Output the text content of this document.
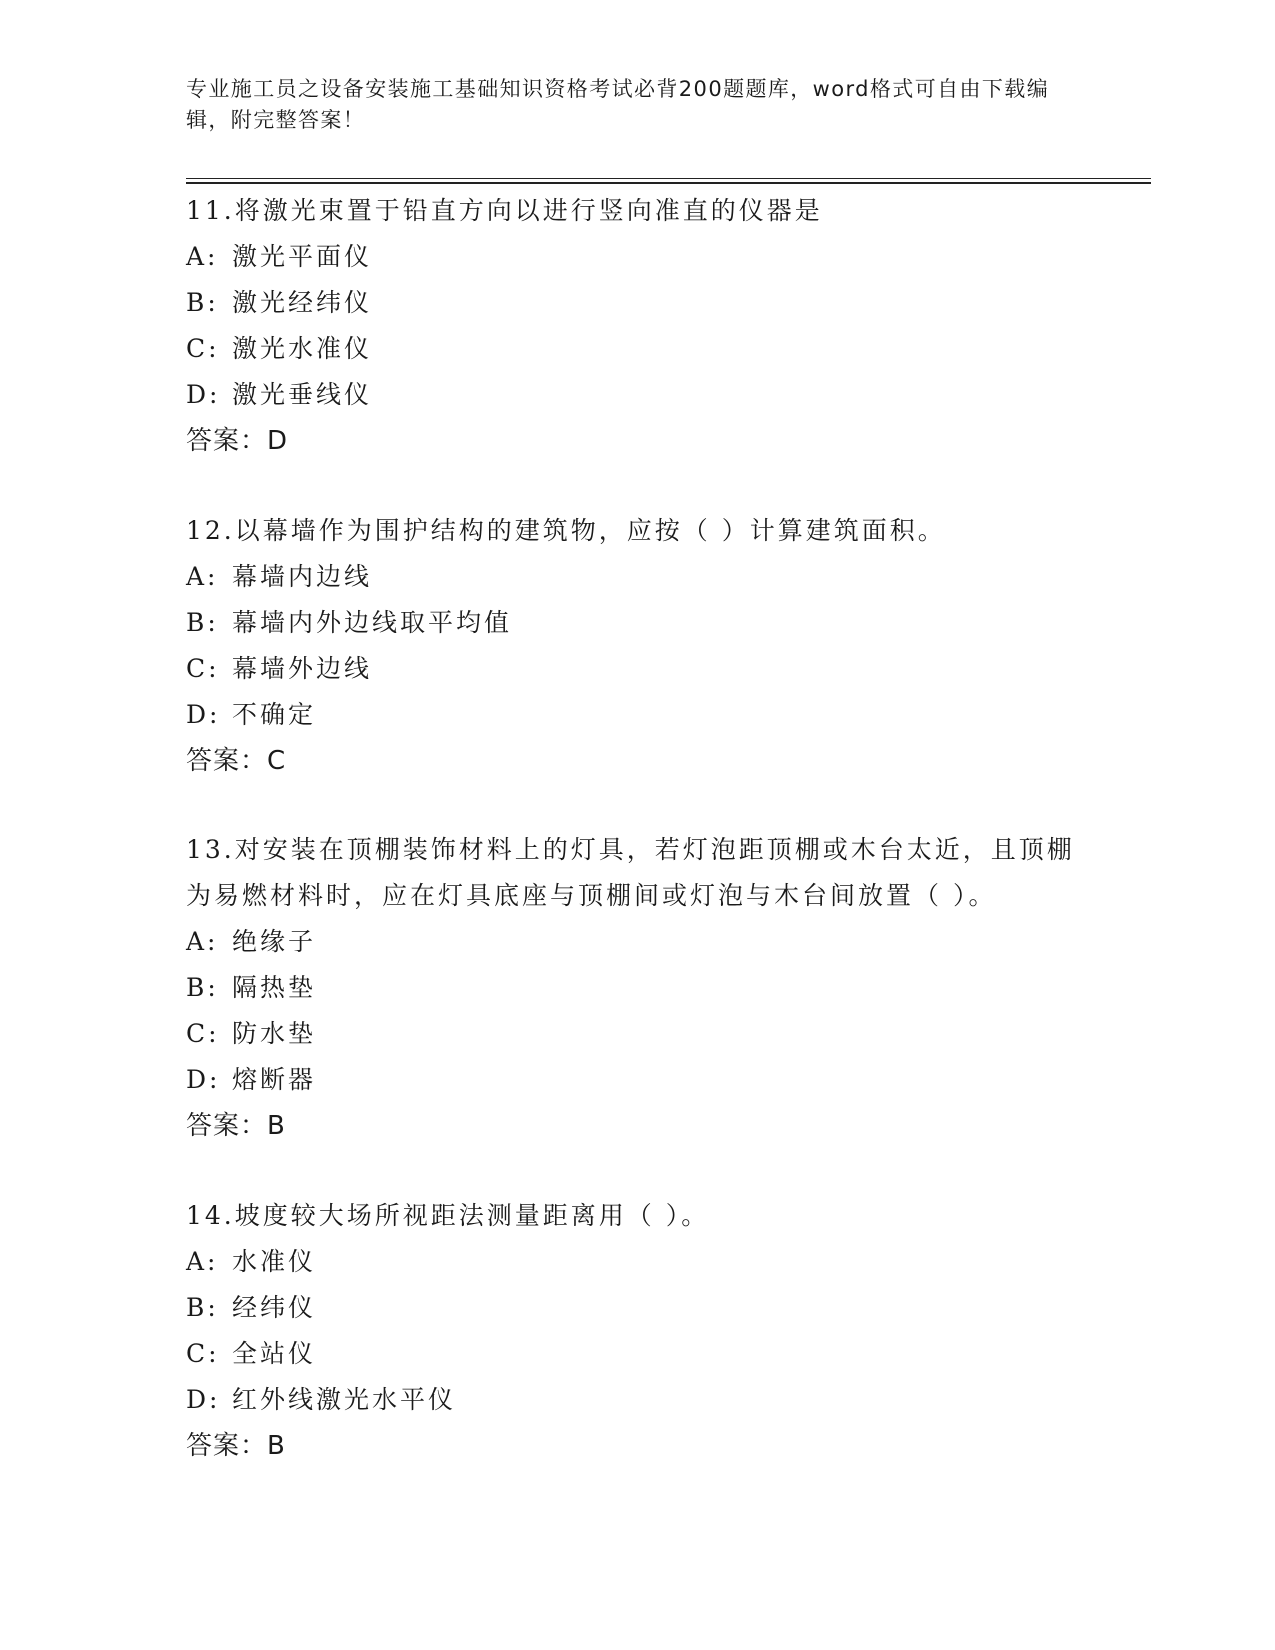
专业施工员之设备安装施工基础知识资格考试必背200题题库，word格式可自由下载编辑，附完整答案！

11.将激光束置于铅直方向以进行竖向准直的仪器是

A: 激光平面仪
B: 激光经纬仪
C: 激光水准仪
D: 激光垂线仪
答案：D

12.以幕墙作为围护结构的建筑物，应按（ ）计算建筑面积。

A: 幕墙内边线
B: 幕墙内外边线取平均值
C: 幕墙外边线
D: 不确定
答案：C

13.对安装在顶棚装饰材料上的灯具，若灯泡距顶棚或木台太近，且顶棚为易燃材料时，应在灯具底座与顶棚间或灯泡与木台间放置（ ）。

A: 绝缘子
B: 隔热垫
C: 防水垫
D: 熔断器
答案：B

14.坡度较大场所视距法测量距离用（ ）。

A: 水准仪
B: 经纬仪
C: 全站仪
D: 红外线激光水平仪
答案：B
